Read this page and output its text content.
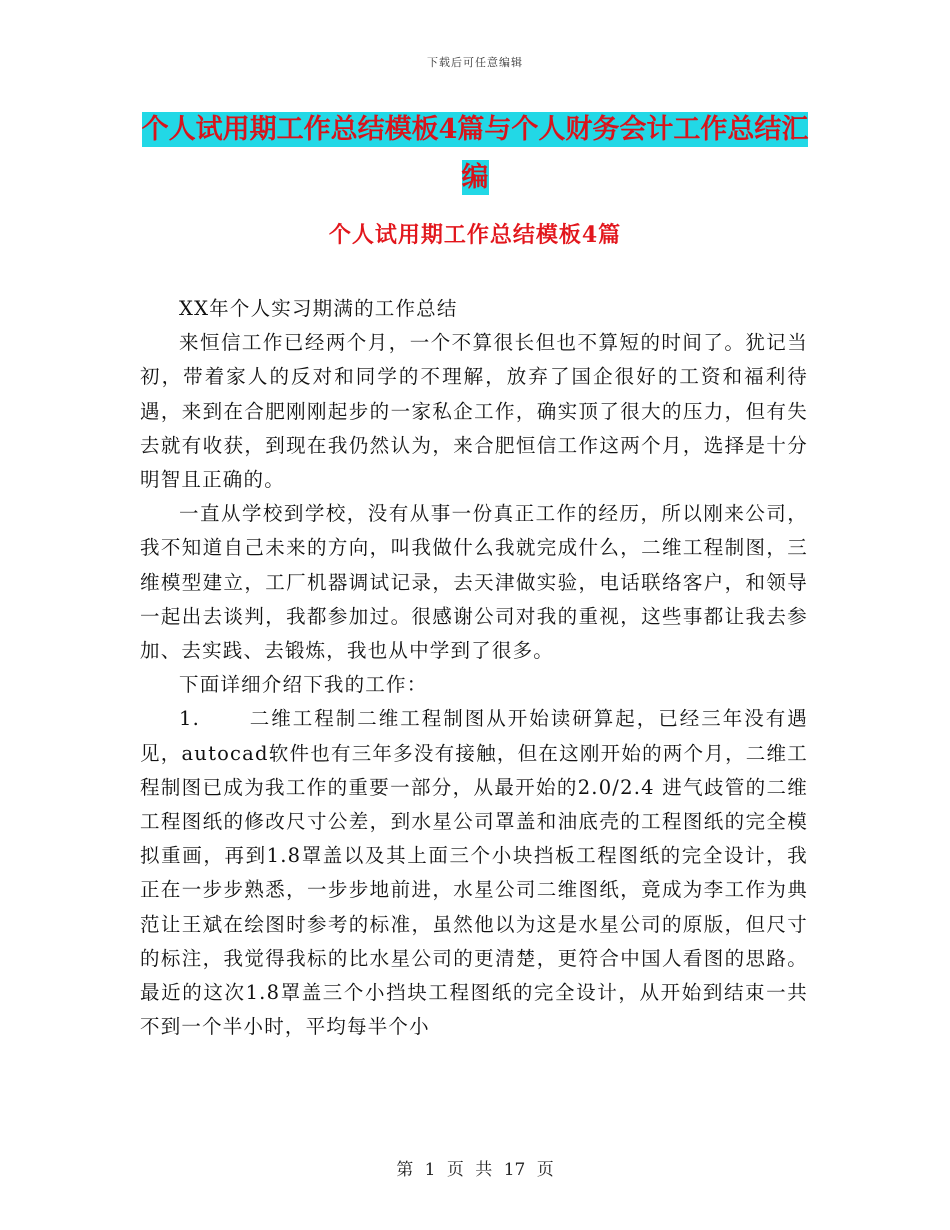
下载后可任意编辑
个人试用期工作总结模板4篇与个人财务会计工作总结汇编
个人试用期工作总结模板4篇

XX年个人实习期满的工作总结

来恒信工作已经两个月，一个不算很长但也不算短的时间了。犹记当初，带着家人的反对和同学的不理解，放弃了国企很好的工资和福利待遇，来到在合肥刚刚起步的一家私企工作，确实顶了很大的压力，但有失去就有收获，到现在我仍然认为，来合肥恒信工作这两个月，选择是十分明智且正确的。

一直从学校到学校，没有从事一份真正工作的经历，所以刚来公司，我不知道自己未来的方向，叫我做什么我就完成什么，二维工程制图，三维模型建立，工厂机器调试记录，去天津做实验，电话联络客户，和领导一起出去谈判，我都参加过。很感谢公司对我的重视，这些事都让我去参加、去实践、去锻炼，我也从中学到了很多。

下面详细介绍下我的工作：

1.	二维工程制二维工程制图从开始读研算起，已经三年没有遇见，autocad软件也有三年多没有接触，但在这刚开始的两个月，二维工程制图已成为我工作的重要一部分，从最开始的2.0/2.4 进气歧管的二维工程图纸的修改尺寸公差，到水星公司罩盖和油底壳的工程图纸的完全模拟重画，再到1.8罩盖以及其上面三个小块挡板工程图纸的完全设计，我正在一步步熟悉，一步步地前进，水星公司二维图纸，竟成为李工作为典范让王斌在绘图时参考的标准，虽然他以为这是水星公司的原版，但尺寸的标注，我觉得我标的比水星公司的更清楚，更符合中国人看图的思路。最近的这次1.8罩盖三个小挡块工程图纸的完全设计，从开始到结束一共不到一个半小时，平均每半个小

第 1 页 共 17 页
